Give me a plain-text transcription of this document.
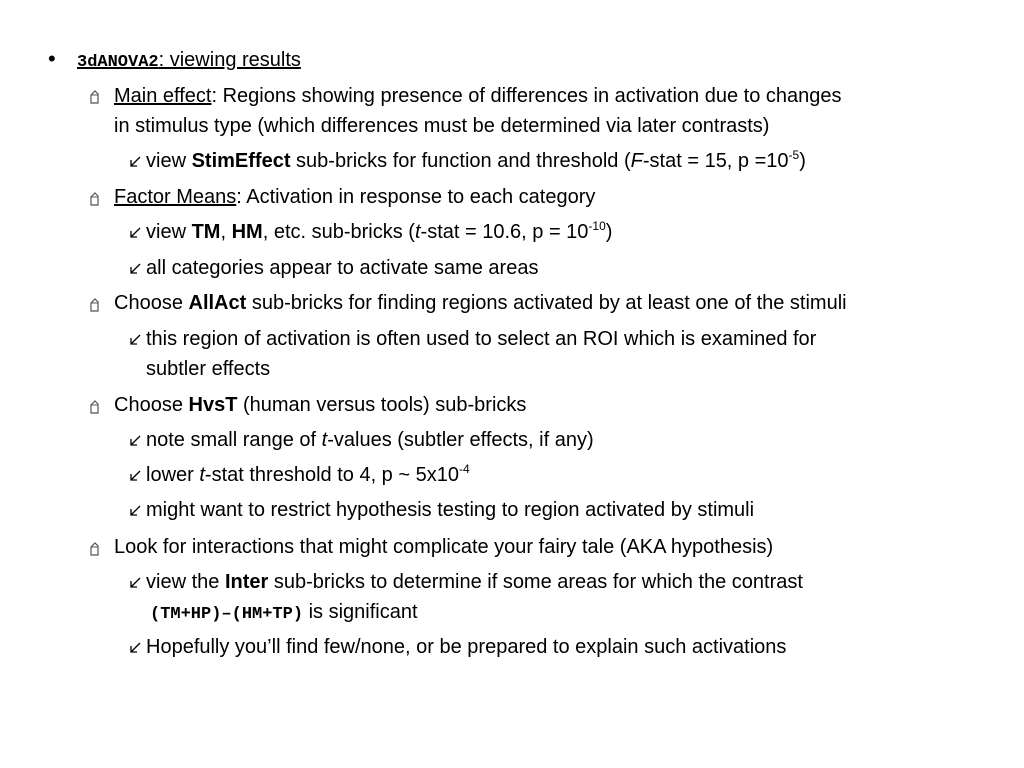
• 3dANOVA2: viewing results
Main effect: Regions showing presence of differences in activation due to changes
in stimulus type (which differences must be determined via later contrasts)
view StimEffect sub-bricks for function and threshold (F-stat = 15, $p =10^{-5}$)
Factor Means: Activation in response to each category
view TM, HM, etc. sub-bricks (t-stat = 10.6, $p = 10^{-10}$)
all categories appear to activate same areas
Choose AllAct sub-bricks for finding regions activated by at least one of the stimuli
this region of activation is often used to select an ROI which is examined for
subtler effects
Choose HvsT (human versus tools) sub-bricks
note small range of t-values (subtler effects, if any)
lower t-stat threshold to 4, p ~ $5x10^{-4}$
might want to restrict hypothesis testing to region activated by stimuli
Look for interactions that might complicate your fairy tale (AKA hypothesis)
view the Inter sub-bricks to determine if some areas for which the contrast
(TM+HP)–(HM+TP) is significant
Hopefully you’ll find few/none, or be prepared to explain such activations
